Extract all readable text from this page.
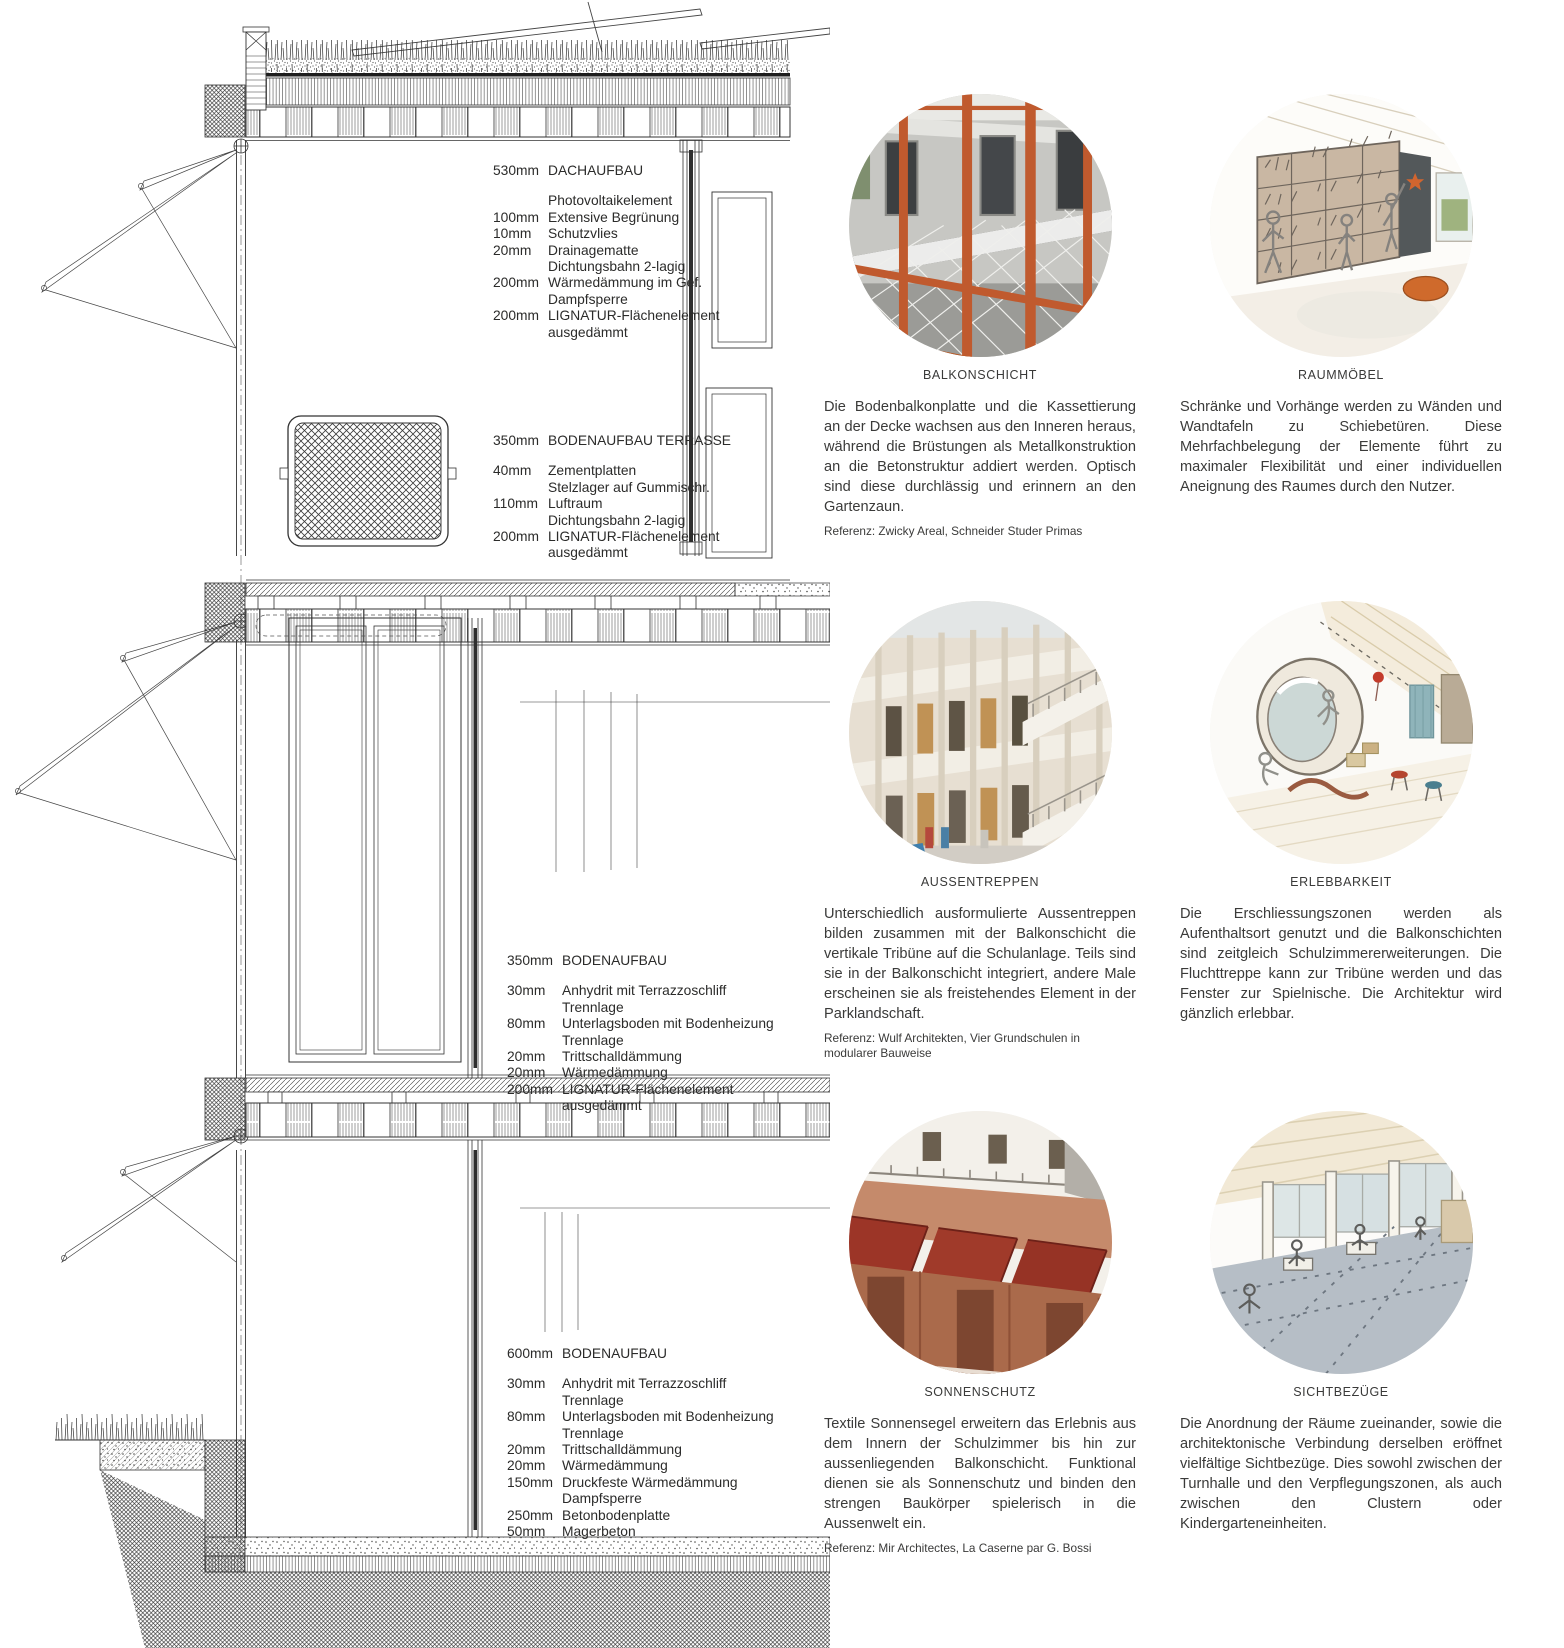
530mm DACHAUFBAU
Photovoltaikelement
100mm Extensive Begrünung
10mm	Schutzvlies
20mm	Drainagematte
Dichtungsbahn 2-lagig
200mm Wärmedämmung im Gef.
Dampfsperre
200mm LIGNATUR-Flächenelement
ausgedämmt
350mm BODENAUFBAU TERRASSE
40mm	Zementplatten
Stelzlager auf Gummischr.
110mm Luftraum
Dichtungsbahn 2-lagig
200mm LIGNATUR-Flächenelement
ausgedämmt
350mm BODENAUFBAU
30mm	Anhydrit mit Terrazzoschliff
Trennlage
80mm	Unterlagsboden mit Bodenheizung
Trennlage
20mm	Trittschalldämmung
20mm	Wärmedämmung
200mm LIGNATUR-Flächenelement
ausgedämmt
600mm BODENAUFBAU
30mm	Anhydrit mit Terrazzoschliff
Trennlage
80mm	Unterlagsboden mit Bodenheizung
Trennlage
20mm	Trittschalldämmung
20mm	Wärmedämmung
150mm Druckfeste Wärmedämmung
Dampfsperre
250mm Betonbodenplatte
50mm	Magerbeton
BALKONSCHICHT

Die Bodenbalkonplatte und die Kassettierung an der Decke wachsen aus den Inneren heraus, während die Brüstungen als Metallkonstruktion an die Betonstruktur addiert werden. Optisch sind diese durchlässig und erinnern an den Gartenzaun.

Referenz: Zwicky Areal, Schneider Studer Primas

RAUMMÖBEL

Schränke und Vorhänge werden zu Wänden und Wandtafeln zu Schiebetüren. Diese Mehrfachbelegung der Elemente führt zu maximaler Flexibilität und einer individuellen Aneignung des Raumes durch den Nutzer.

AUSSENTREPPEN

Unterschiedlich ausformulierte Aussentreppen bilden zusammen mit der Balkonschicht die vertikale Tribüne auf die Schulanlage. Teils sind sie in der Balkonschicht integriert, andere Male erscheinen sie als freistehendes Element in der Parklandschaft.

Referenz: Wulf Architekten, Vier Grundschulen in modularer Bauweise

ERLEBBARKEIT

Die Erschliessungszonen werden als Aufenthaltsort genutzt und die Balkonschichten sind zeitgleich Schulzimmererweiterungen. Die Fluchttreppe kann zur Tribüne werden und das Fenster zur Spielnische. Die Architektur wird gänzlich erlebbar.

SONNENSCHUTZ

Textile Sonnensegel erweitern das Erlebnis aus dem Innern der Schulzimmer bis hin zur aussenliegenden Balkonschicht. Funktional dienen sie als Sonnenschutz und binden den strengen Baukörper spielerisch in die Aussenwelt ein.

Referenz: Mir Architectes, La Caserne par G. Bossi

SICHTBEZÜGE

Die Anordnung der Räume zueinander, sowie die architektonische Verbindung derselben eröffnet vielfältige Sichtbezüge. Dies sowohl zwischen der Turnhalle und den Verpflegungszonen, als auch zwischen den Clustern oder Kindergarteneinheiten.
